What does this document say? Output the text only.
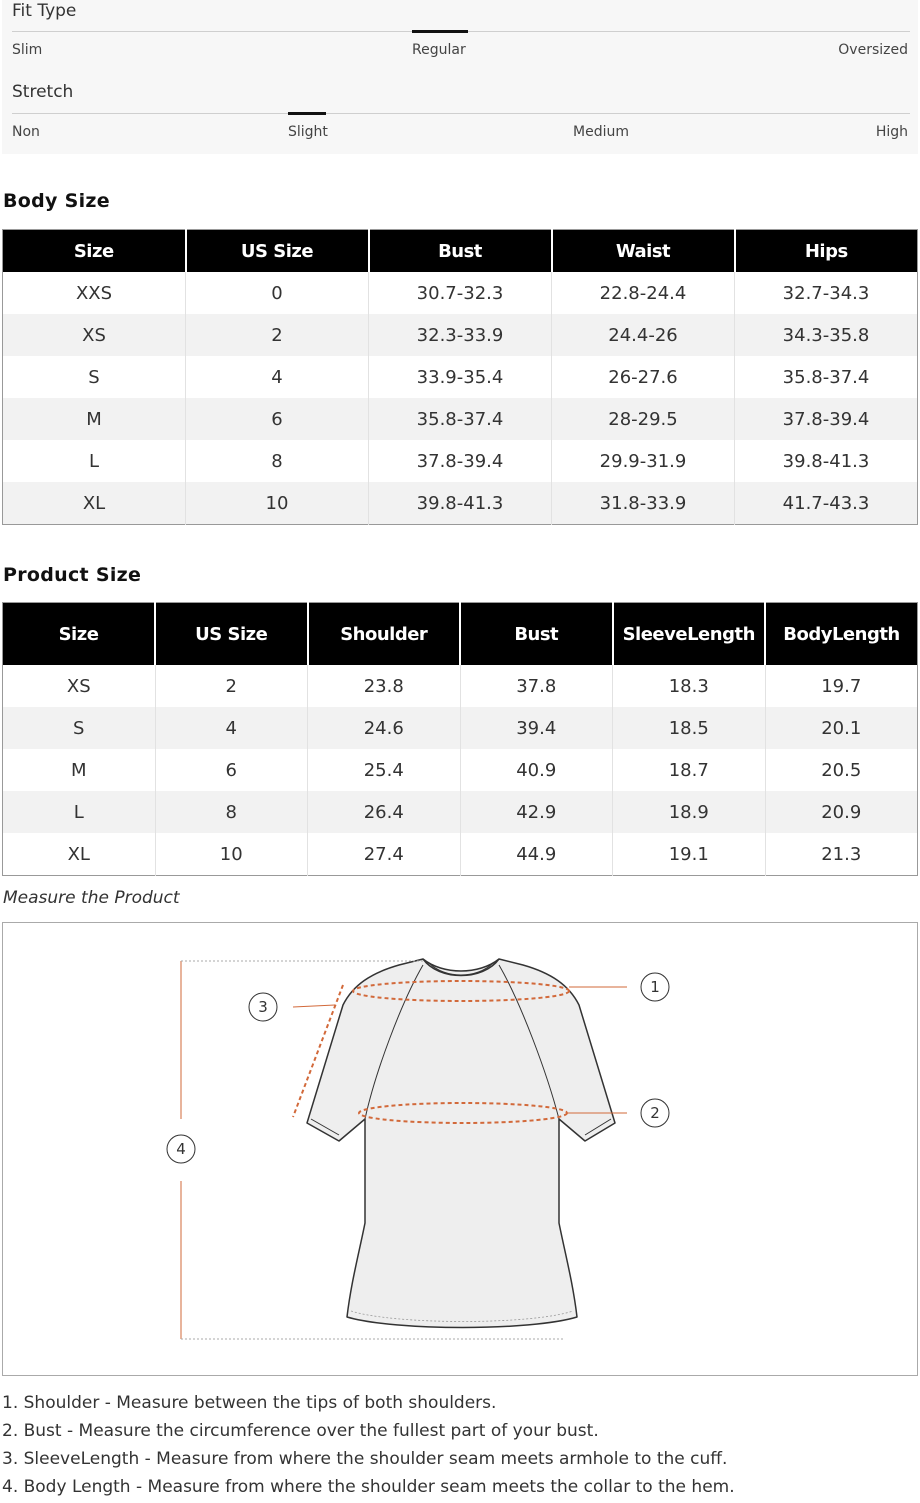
Fit Type
Slim	Regular	Oversized
Stretch
Non	Slight	Medium	High
Body Size
Size	US Size	Bust	Waist	Hips
XXS	0	30.7-32.3	22.8-24.4	32.7-34.3
XS	2	32.3-33.9	24.4-26	34.3-35.8
S	4	33.9-35.4	26-27.6	35.8-37.4
M	6	35.8-37.4	28-29.5	37.8-39.4
L	8	37.8-39.4	29.9-31.9	39.8-41.3
XL	10	39.8-41.3	31.8-33.9	41.7-43.3
Product Size
Size	US Size	Shoulder	Bust	SleeveLength	BodyLength
XS	2	23.8	37.8	18.3	19.7
S	4	24.6	39.4	18.5	20.1
M	6	25.4	40.9	18.7	20.5
L	8	26.4	42.9	18.9	20.9
XL	10	27.4	44.9	19.1	21.3
Measure the Product
1
2
3
4
1. Shoulder - Measure between the tips of both shoulders.
2. Bust - Measure the circumference over the fullest part of your bust.
3. SleeveLength - Measure from where the shoulder seam meets armhole to the cuff.
4. Body Length - Measure from where the shoulder seam meets the collar to the hem.
